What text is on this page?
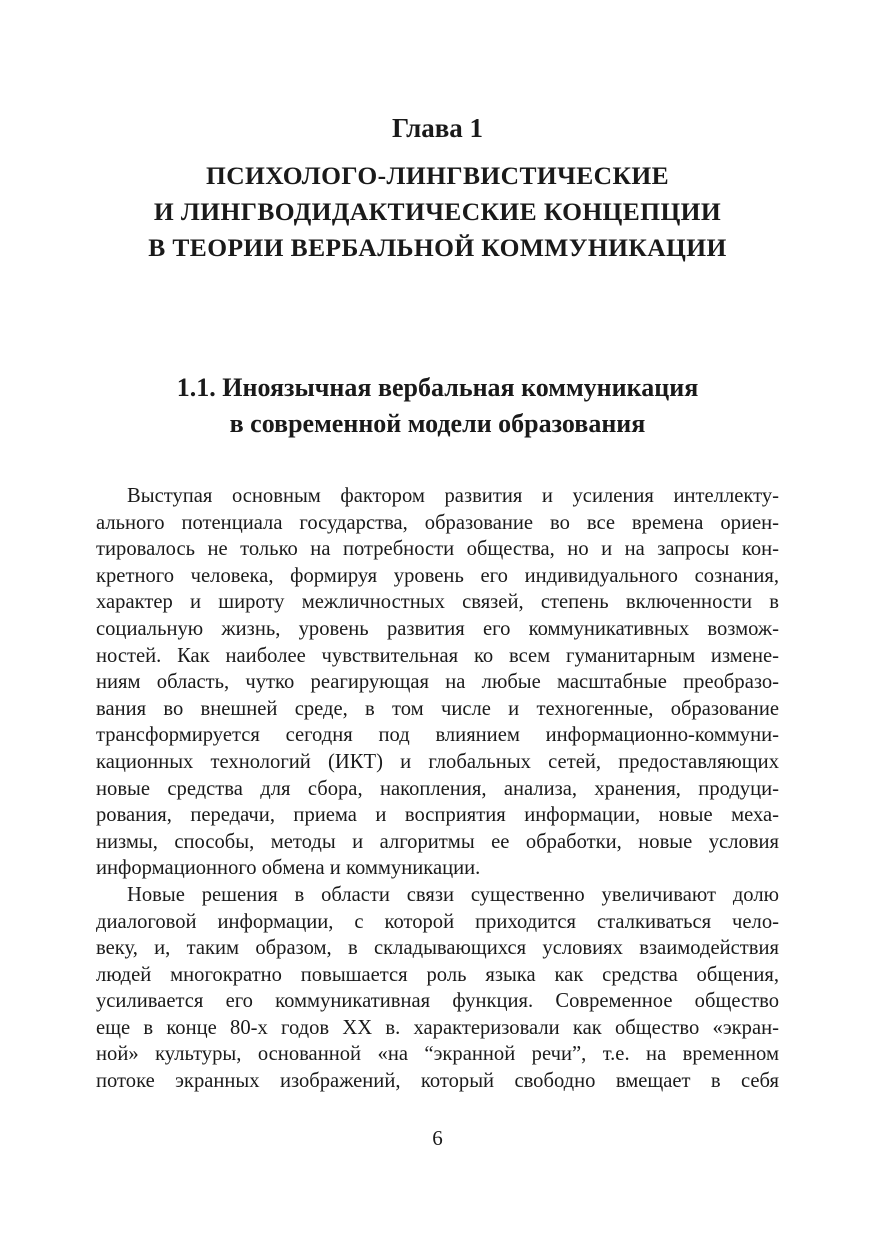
Глава 1
ПСИХОЛОГО-ЛИНГВИСТИЧЕСКИЕ
И ЛИНГВОДИДАКТИЧЕСКИЕ КОНЦЕПЦИИ
В ТЕОРИИ ВЕРБАЛЬНОЙ КОММУНИКАЦИИ
1.1. Иноязычная вербальная коммуникация
в современной модели образования
Выступая основным фактором развития и усиления интеллекту-
ального потенциала государства, образование во все времена ориен-
тировалось не только на потребности общества, но и на запросы кон-
кретного человека, формируя уровень его индивидуального сознания,
характер и широту межличностных связей, степень включенности в
социальную жизнь, уровень развития его коммуникативных возмож-
ностей. Как наиболее чувствительная ко всем гуманитарным измене-
ниям область, чутко реагирующая на любые масштабные преобразо-
вания во внешней среде, в том числе и техногенные, образование
трансформируется сегодня под влиянием информационно-коммуни-
кационных технологий (ИКТ) и глобальных сетей, предоставляющих
новые средства для сбора, накопления, анализа, хранения, продуци-
рования, передачи, приема и восприятия информации, новые меха-
низмы, способы, методы и алгоритмы ее обработки, новые условия
информационного обмена и коммуникации.
Новые решения в области связи существенно увеличивают долю
диалоговой информации, с которой приходится сталкиваться чело-
веку, и, таким образом, в складывающихся условиях взаимодействия
людей многократно повышается роль языка как средства общения,
усиливается его коммуникативная функция. Современное общество
еще в конце 80-х годов XX в. характеризовали как общество «экран-
ной» культуры, основанной «на “экранной речи”, т.е. на временном
потоке экранных изображений, который свободно вмещает в себя
6
